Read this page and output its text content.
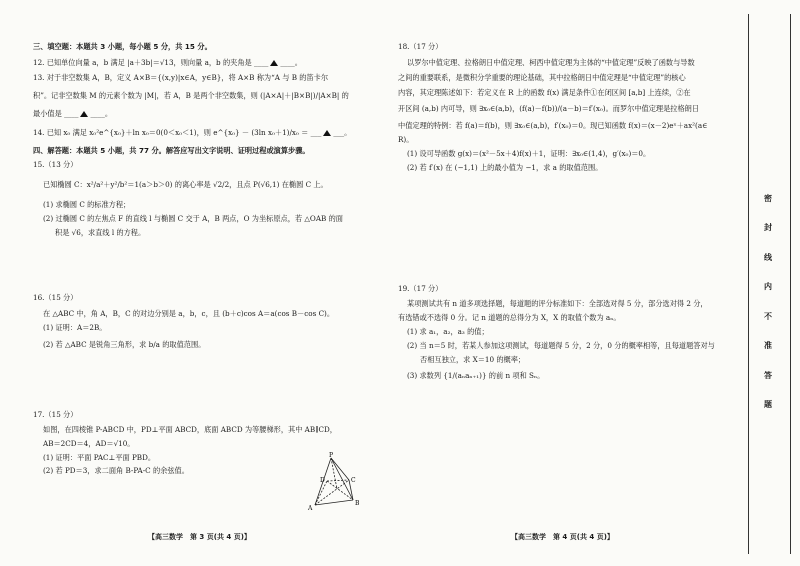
三、填空题：本题共 3 小题，每小题 5 分，共 15 分。
12. 已知单位向量 a，b 满足 |a＋3b|＝√13，则向量 a，b 的夹角是 ____ ____。
13. 对于非空数集 A，B，定义 A×B＝{(x,y)|x∈A，y∈B}，将 A×B 称为“A 与 B 的笛卡尔
积”。记非空数集 M 的元素个数为 |M|，若 A，B 是两个非空数集，则 (|A×A|＋|B×B|)/|A×B| 的
最小值是 ____ ____。
14. 已知 x₀ 满足 x₀²e^{x₀}＋ln x₀＝0(0＜x₀＜1)，则 e^{x₀} － (3ln x₀＋1)/x₀ ＝ ___ ___。
四、解答题：本题共 5 小题，共 77 分。解答应写出文字说明、证明过程或演算步骤。
15.（13 分）
已知椭圆 C：x²/a²＋y²/b²＝1(a＞b＞0) 的离心率是 √2/2，且点 P(√6,1) 在椭圆 C 上。
(1) 求椭圆 C 的标准方程；
(2) 过椭圆 C 的左焦点 F 的直线 l 与椭圆 C 交于 A，B 两点，O 为坐标原点，若 △OAB 的面
积是 √6，求直线 l 的方程。
16.（15 分）
在 △ABC 中，角 A，B，C 的对边分别是 a，b，c，且 (b＋c)cos A＝a(cos B－cos C)。
(1) 证明：A＝2B。
(2) 若 △ABC 是锐角三角形，求 b/a 的取值范围。
17.（15 分）
如图，在四棱锥 P-ABCD 中，PD⊥平面 ABCD，底面 ABCD 为等腰梯形，其中 AB∥CD，
AB＝2CD＝4，AD＝√10。
(1) 证明：平面 PAC⊥平面 PBD。
(2) 若 PD＝3，求二面角 B-PA-C 的余弦值。
P
A
B
C
D
【高三数学　第 3 页(共 4 页)】
18.（17 分）
以罗尔中值定理、拉格朗日中值定理、柯西中值定理为主体的“中值定理”反映了函数与导数
之间的重要联系，是微积分学重要的理论基础，其中拉格朗日中值定理是“中值定理”的核心
内容，其定理陈述如下：若定义在 R 上的函数 f(x) 满足条件①在闭区间 [a,b] 上连续，②在
开区间 (a,b) 内可导，则 ∃x₀∈(a,b)，(f(a)－f(b))/(a－b)＝f′(x₀)。而罗尔中值定理是拉格朗日
中值定理的特例：若 f(a)＝f(b)，则 ∃x₀∈(a,b)，f′(x₀)＝0。现已知函数 f(x)＝(x－2)eˣ＋ax²(a∈
R)。
(1) 设可导函数 g(x)＝(x²－5x＋4)f(x)＋1，证明：∃x₀∈(1,4)，g′(x₀)＝0。
(2) 若 f′(x) 在 (−1,1) 上的最小值为 −1，求 a 的取值范围。
19.（17 分）
某项测试共有 n 道多项选择题，每道题的评分标准如下：全部选对得 5 分，部分选对得 2 分，
有选错或不选得 0 分。记 n 道题的总得分为 X，X 的取值个数为 aₙ。
(1) 求 a₁，a₂，a₃ 的值；
(2) 当 n＝5 时，若某人参加这项测试，每道题得 5 分，2 分，0 分的概率相等，且每道题答对与
否相互独立，求 X＝10 的概率；
(3) 求数列 {1/(aₙaₙ₊₁)} 的前 n 项和 Sₙ。
【高三数学　第 4 页(共 4 页)】
密
封
线
内
不
准
答
题
